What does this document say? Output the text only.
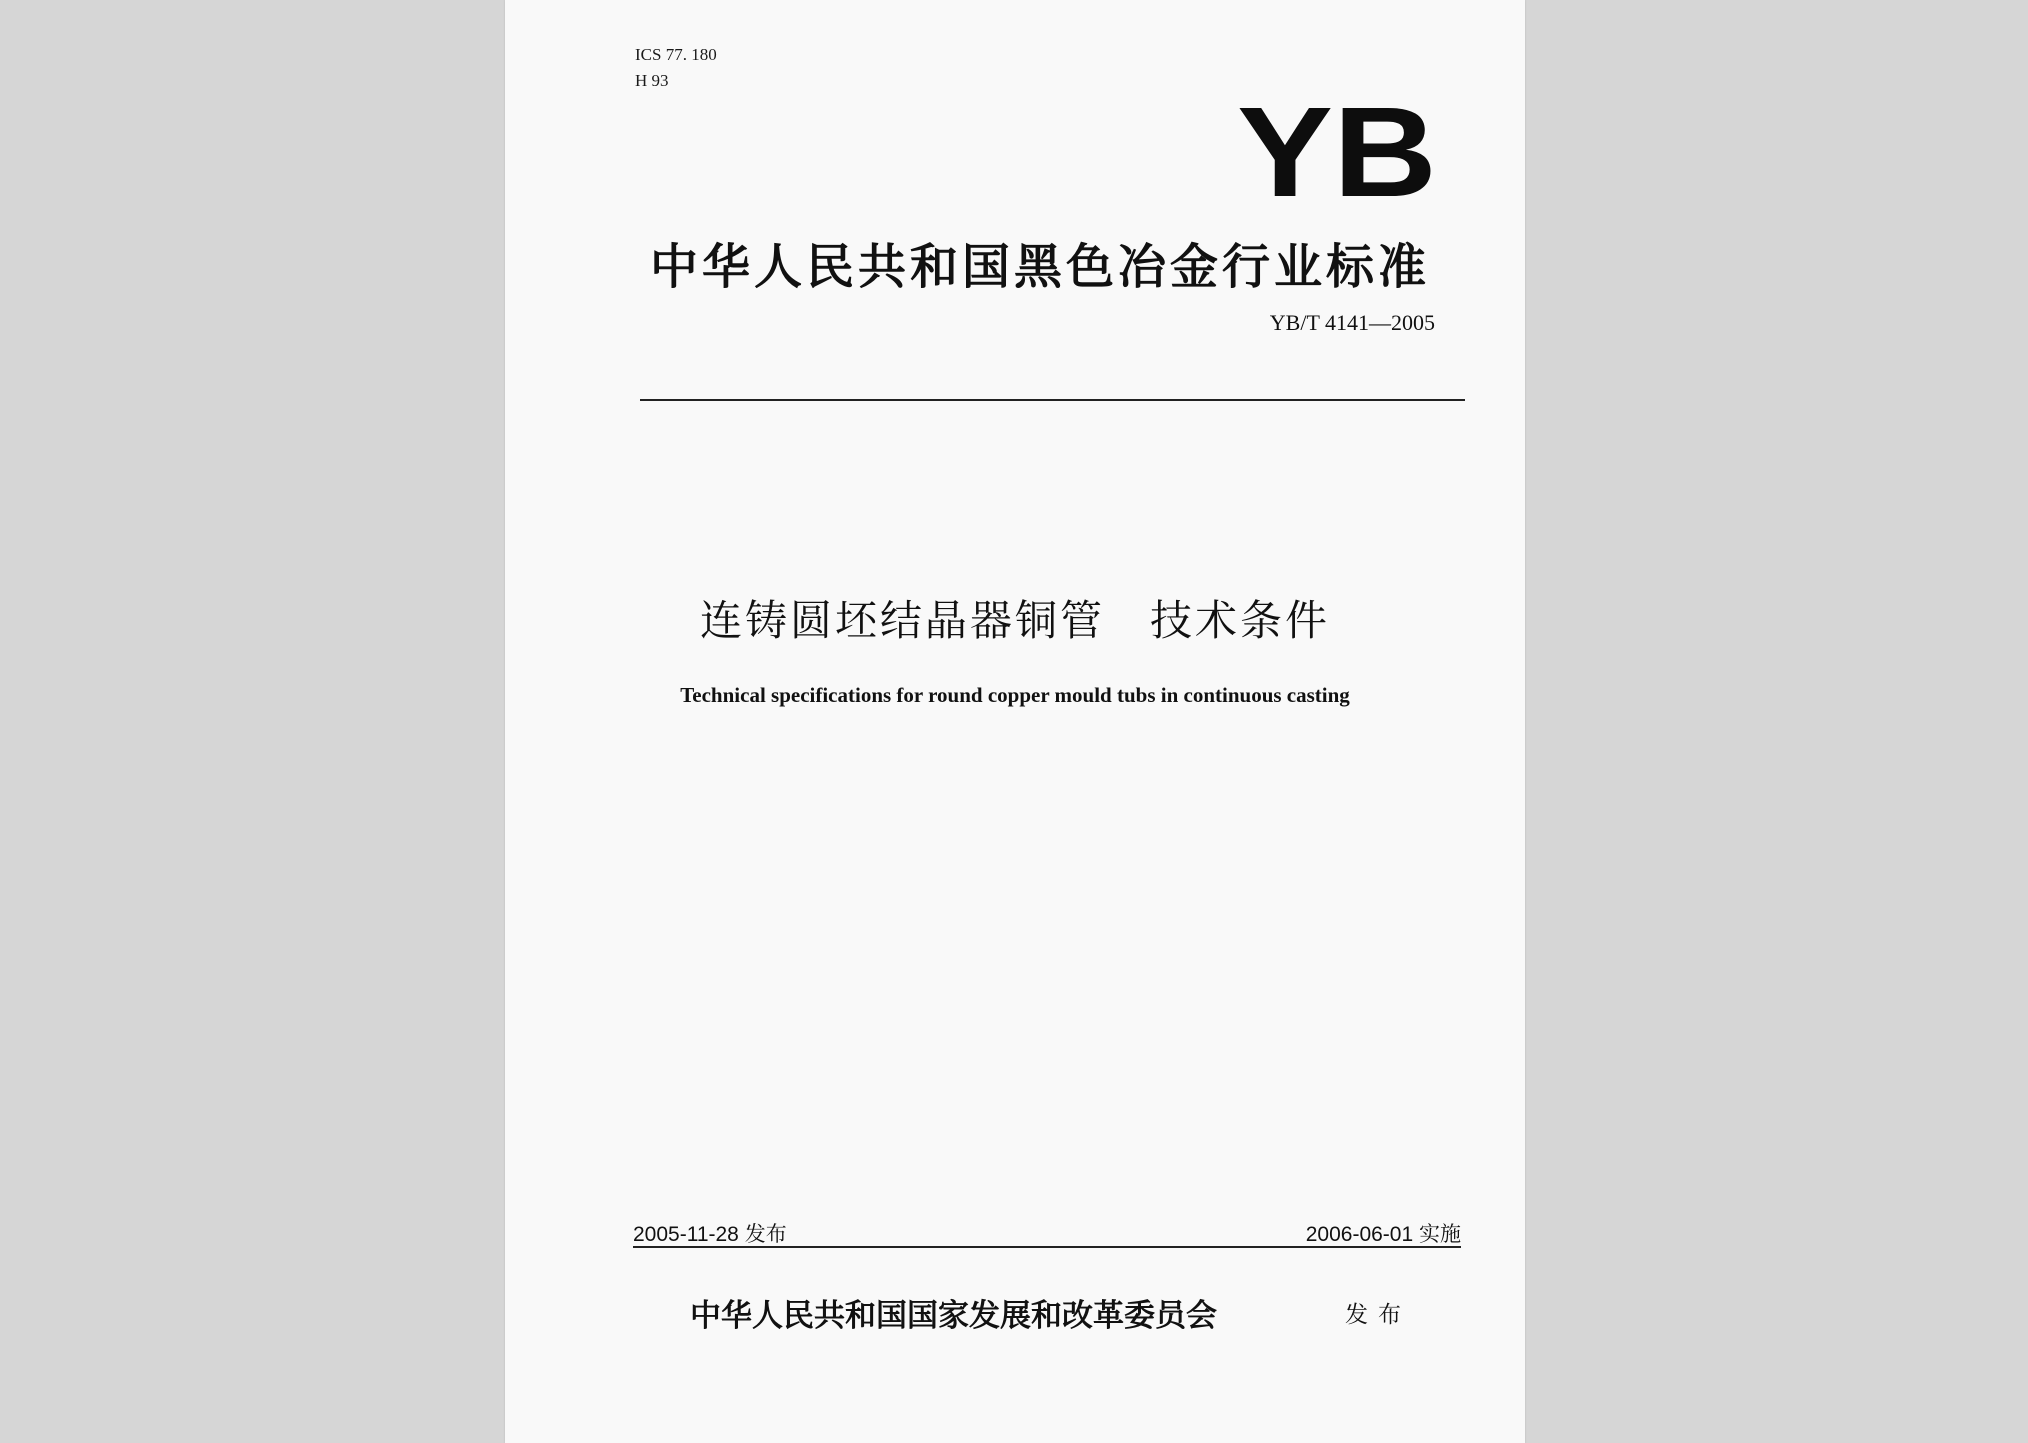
ICS 77. 180
H 93
YB
中华人民共和国黑色冶金行业标准
YB/T 4141—2005
连铸圆坯结晶器铜管　技术条件
Technical specifications for round copper mould tubs in continuous casting
2005-11-28 发布	2006-06-01 实施
中华人民共和国国家发展和改革委员会	发布
